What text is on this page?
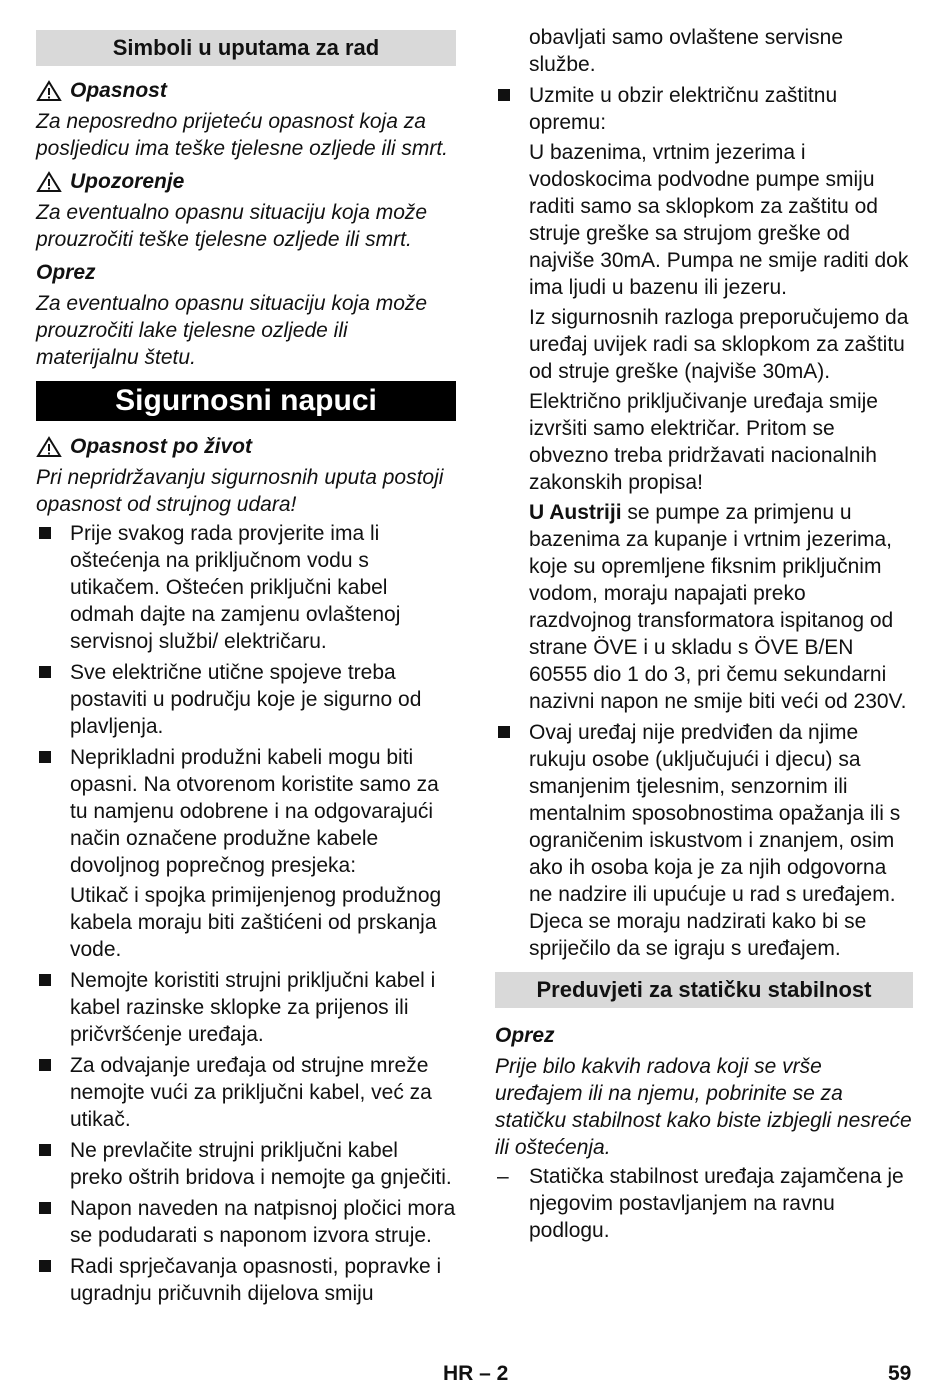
Simboli u uputama za rad
Opasnost

Za neposredno prijeteću opasnost koja za posljedicu ima teške tjelesne ozljede ili smrt.

Upozorenje

Za eventualno opasnu situaciju koja može prouzročiti teške tjelesne ozljede ili smrt.

Oprez

Za eventualno opasnu situaciju koja može prouzročiti lake tjelesne ozljede ili materijalnu štetu.

Sigurnosni napuci
Opasnost po život

Pri nepridržavanju sigurnosnih uputa postoji opasnost od strujnog udara!

Prije svakog rada provjerite ima li oštećenja na priključnom vodu s utikačem. Oštećen priključni kabel odmah dajte na zamjenu ovlaštenoj servisnoj službi/ električaru.
Sve električne utične spojeve treba postaviti u području koje je sigurno od plavljenja.
Neprikladni produžni kabeli mogu biti opasni. Na otvorenom koristite samo za tu namjenu odobrene i na odgovarajući način označene produžne kabele dovoljnog poprečnog presjeka:

Utikač i spojka primijenjenog produžnog kabela moraju biti zaštićeni od prskanja vode.

Nemojte koristiti strujni priključni kabel i kabel razinske sklopke za prijenos ili pričvršćenje uređaja.
Za odvajanje uređaja od strujne mreže nemojte vući za priključni kabel, već za utikač.
Ne prevlačite strujni priključni kabel preko oštrih bridova i nemojte ga gnječiti.
Napon naveden na natpisnoj pločici mora se podudarati s naponom izvora struje.
Radi sprječavanja opasnosti, popravke i ugradnju pričuvnih dijelova smiju

obavljati samo ovlaštene servisne službe.

Uzmite u obzir električnu zaštitnu opremu:

U bazenima, vrtnim jezerima i vodoskocima podvodne pumpe smiju raditi samo sa sklopkom za zaštitu od struje greške sa strujom greške od najviše 30mA. Pumpa ne smije raditi dok ima ljudi u bazenu ili jezeru.

Iz sigurnosnih razloga preporučujemo da uređaj uvijek radi sa sklopkom za zaštitu od struje greške (najviše 30mA).

Električno priključivanje uređaja smije izvršiti samo električar. Pritom se obvezno treba pridržavati nacionalnih zakonskih propisa!

U Austriji se pumpe za primjenu u bazenima za kupanje i vrtnim jezerima, koje su opremljene fiksnim priključnim vodom, moraju napajati preko razdvojnog transformatora ispitanog od strane ÖVE i u skladu s ÖVE B/EN 60555 dio 1 do 3, pri čemu sekundarni nazivni napon ne smije biti veći od 230V.

Ovaj uređaj nije predviđen da njime rukuju osobe (uključujući i djecu) sa smanjenim tjelesnim, senzornim ili mentalnim sposobnostima opažanja ili s ograničenim iskustvom i znanjem, osim ako ih osoba koja je za njih odgovorna ne nadzire ili upućuje u rad s uređajem. Djeca se moraju nadzirati kako bi se spriječilo da se igraju s uređajem.
Preduvjeti za statičku stabilnost

Oprez

Prije bilo kakvih radova koji se vrše uređajem ili na njemu, pobrinite se za statičku stabilnost kako biste izbjegli nesreće ili oštećenja.

– Statička stabilnost uređaja zajamčena je njegovim postavljanjem na ravnu podlogu.
HR – 2	59
